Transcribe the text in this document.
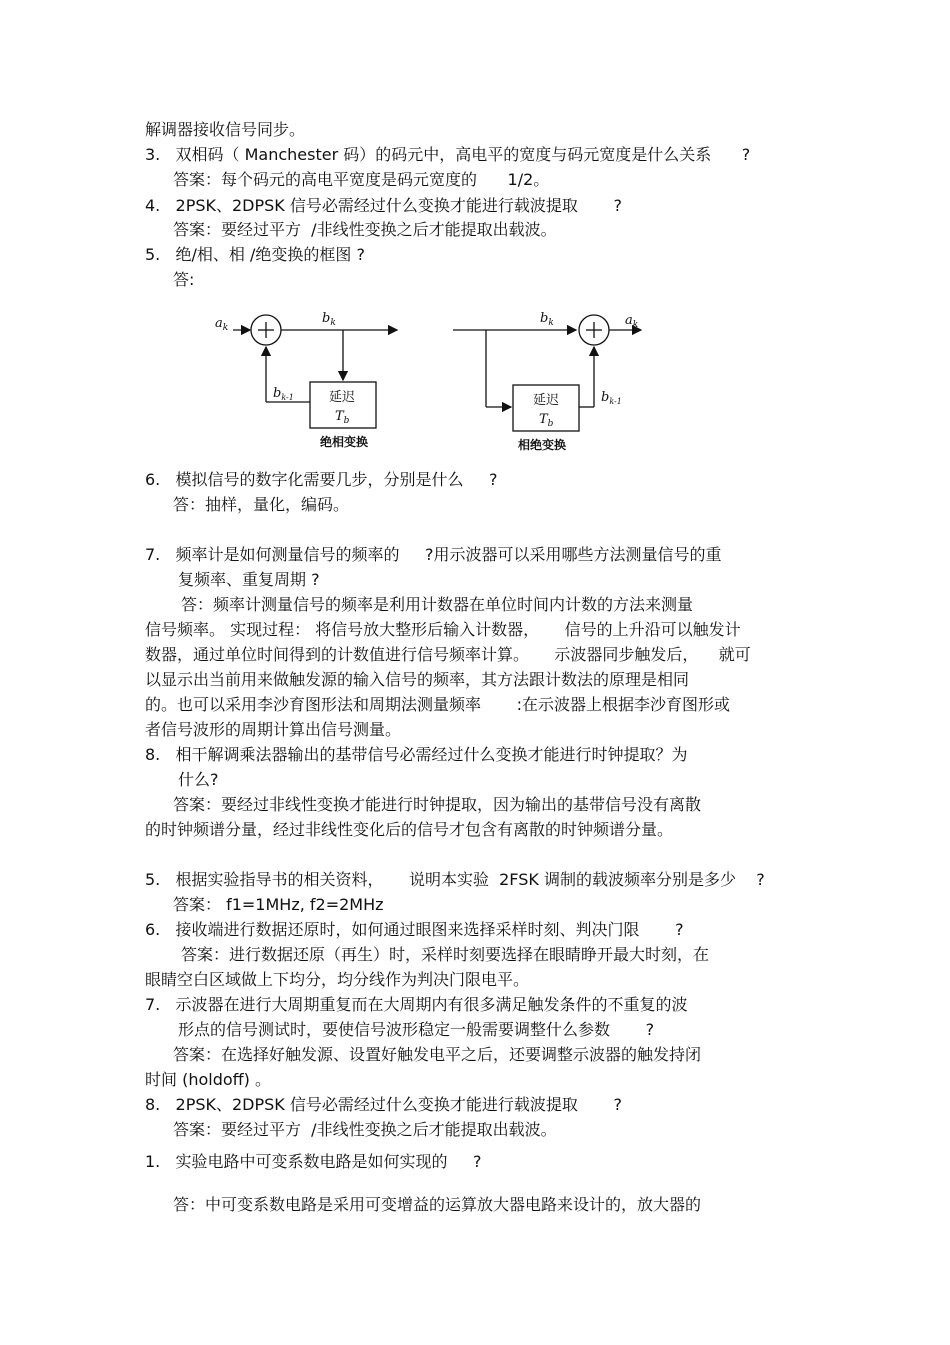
解调器接收信号同步。
3.   双相码（ Manchester 码）的码元中，高电平的宽度与码元宽度是什么关系      ?
答案：每个码元的高电平宽度是码元宽度的      1/2。
4.   2PSK、2DPSK 信号必需经过什么变换才能进行载波提取       ?
答案：要经过平方  /非线性变换之后才能提取出载波。
5.   绝/相、相 /绝变换的框图 ?
答:
$a_k$
$b_k$
$b_{k-1}$	延迟
$T_b$
绝相变换
$b_k$	$a_k$
$b_{k-1}$
延迟
$T_b$
相绝变换
6.   模拟信号的数字化需要几步，分别是什么     ?
答：抽样，量化，编码。
7.   频率计是如何测量信号的频率的     ?用示波器可以采用哪些方法测量信号的重
复频率、重复周期 ?
答：频率计测量信号的频率是利用计数器在单位时间内计数的方法来测量
信号频率。 实现过程： 将信号放大整形后输入计数器，     信号的上升沿可以触发计
数器，通过单位时间得到的计数值进行信号频率计算。     示波器同步触发后，    就可
以显示出当前用来做触发源的输入信号的频率，其方法跟计数法的原理是相同
的。也可以采用李沙育图形法和周期法测量频率       :在示波器上根据李沙育图形或
者信号波形的周期计算出信号测量。
8.   相干解调乘法器输出的基带信号必需经过什么变换才能进行时钟提取？为
什么?
答案：要经过非线性变换才能进行时钟提取，因为输出的基带信号没有离散
的时钟频谱分量，经过非线性变化后的信号才包含有离散的时钟频谱分量。
5.   根据实验指导书的相关资料，     说明本实验  2FSK 调制的载波频率分别是多少    ?
答案： f1=1MHz, f2=2MHz
6.   接收端进行数据还原时，如何通过眼图来选择采样时刻、判决门限       ?
答案：进行数据还原（再生）时，采样时刻要选择在眼睛睁开最大时刻，在
眼睛空白区域做上下均分，均分线作为判决门限电平。
7.   示波器在进行大周期重复而在大周期内有很多满足触发条件的不重复的波
形点的信号测试时，要使信号波形稳定一般需要调整什么参数       ?
答案：在选择好触发源、设置好触发电平之后，还要调整示波器的触发持闭
时间 (holdoff) 。
8.   2PSK、2DPSK 信号必需经过什么变换才能进行载波提取       ?
答案：要经过平方  /非线性变换之后才能提取出载波。
1.   实验电路中可变系数电路是如何实现的     ?
答：中可变系数电路是采用可变增益的运算放大器电路来设计的，放大器的
